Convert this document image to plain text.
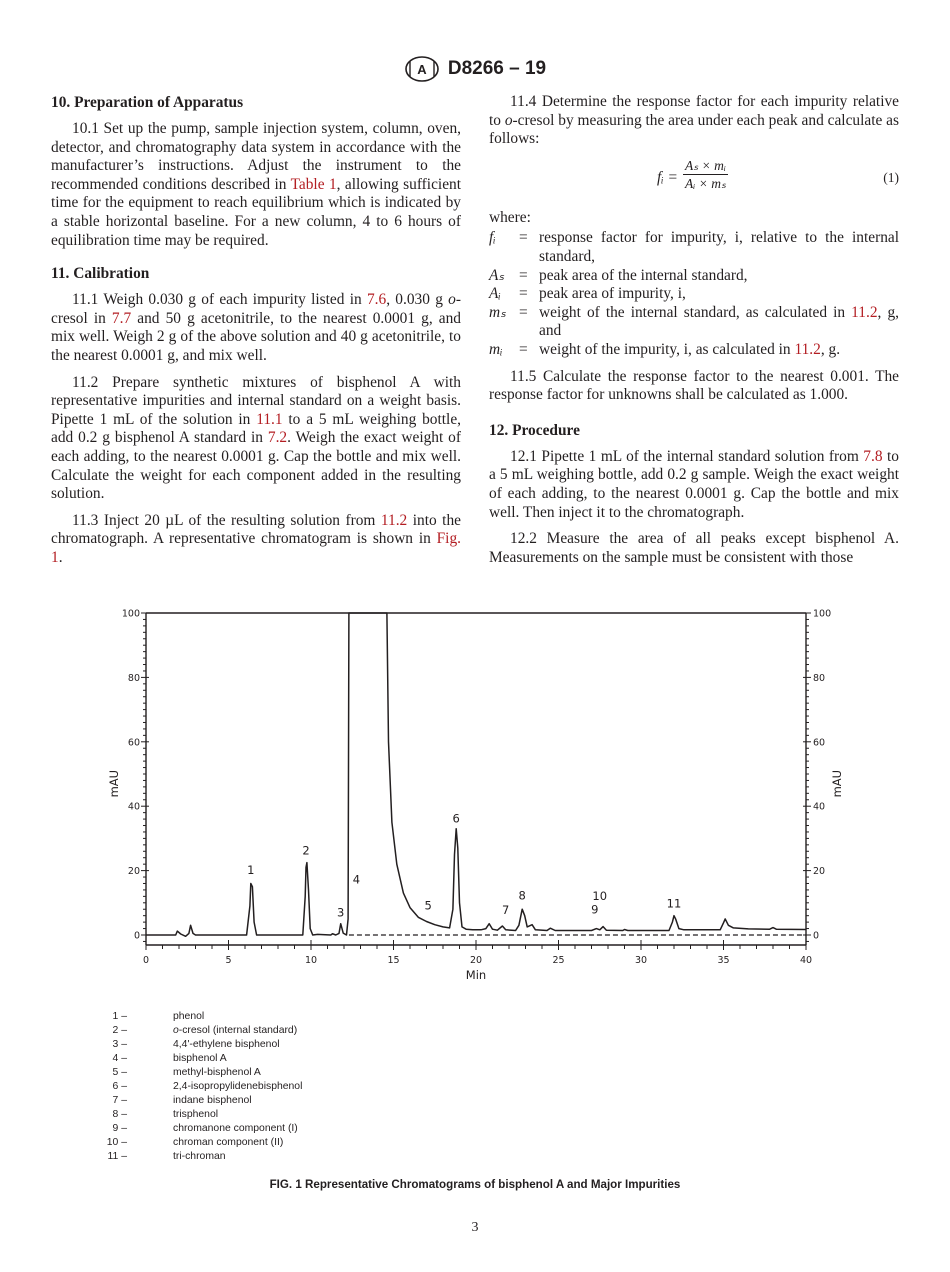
A D8266 – 19
10. Preparation of Apparatus

10.1 Set up the pump, sample injection system, column, oven, detector, and chromatography data system in accordance with the manufacturer’s instructions. Adjust the instrument to the recommended conditions described in Table 1, allowing sufficient time for the equipment to reach equilibrium which is indicated by a stable horizontal baseline. For a new column, 4 to 6 hours of equilibration time may be required.

11. Calibration

11.1 Weigh 0.030 g of each impurity listed in 7.6, 0.030 g o-cresol in 7.7 and 50 g acetonitrile, to the nearest 0.0001 g, and mix well. Weigh 2 g of the above solution and 40 g acetonitrile, to the nearest 0.0001 g, and mix well.

11.2 Prepare synthetic mixtures of bisphenol A with representative impurities and internal standard on a weight basis. Pipette 1 mL of the solution in 11.1 to a 5 mL weighing bottle, add 0.2 g bisphenol A standard in 7.2. Weigh the exact weight of each adding, to the nearest 0.0001 g. Cap the bottle and mix well. Calculate the weight for each component added in the resulting solution.

11.3 Inject 20 µL of the resulting solution from 11.2 into the chromatograph. A representative chromatogram is shown in Fig. 1.

11.4 Determine the response factor for each impurity relative to o-cresol by measuring the area under each peak and calculate as follows:

fᵢ = $\frac{\text{Aₛ × mᵢ}}{\text{Aᵢ × mₛ}}$	(1)
where:
fᵢ	= response factor for impurity, i, relative to the internal standard,
Aₛ = peak area of the internal standard,
Aᵢ	= peak area of impurity, i,
mₛ = weight of the internal standard, as calculated in 11.2, g, and
mᵢ	= weight of the impurity, i, as calculated in 11.2, g.

11.5 Calculate the response factor to the nearest 0.001. The response factor for unknowns shall be calculated as 1.000.

12. Procedure

12.1 Pipette 1 mL of the internal standard solution from 7.8 to a 5 mL weighing bottle, add 0.2 g sample. Weigh the exact weight of each adding, to the nearest 0.0001 g. Cap the bottle and mix well. Then inject it to the chromatograph.

12.2 Measure the area of all peaks except bisphenol A. Measurements on the sample must be consistent with those

0	0
20	20
40	40
60	60
80	80
100	100
0	5	10	15	20	25	30	35	40
Min
mAU	mAU
1
2
3
4
5
6
7
8
9
10
11
1 –	phenol
2 –	o-cresol (internal standard)
3 –	4,4'-ethylene bisphenol
4 –	bisphenol A
5 –	methyl-bisphenol A
6 –	2,4-isopropylidenebisphenol
7 –	indane bisphenol
8 –	trisphenol
9 –	chromanone component (I)
10 –	chroman component (II)
11 –	tri-chroman
FIG. 1 Representative Chromatograms of bisphenol A and Major Impurities
3
